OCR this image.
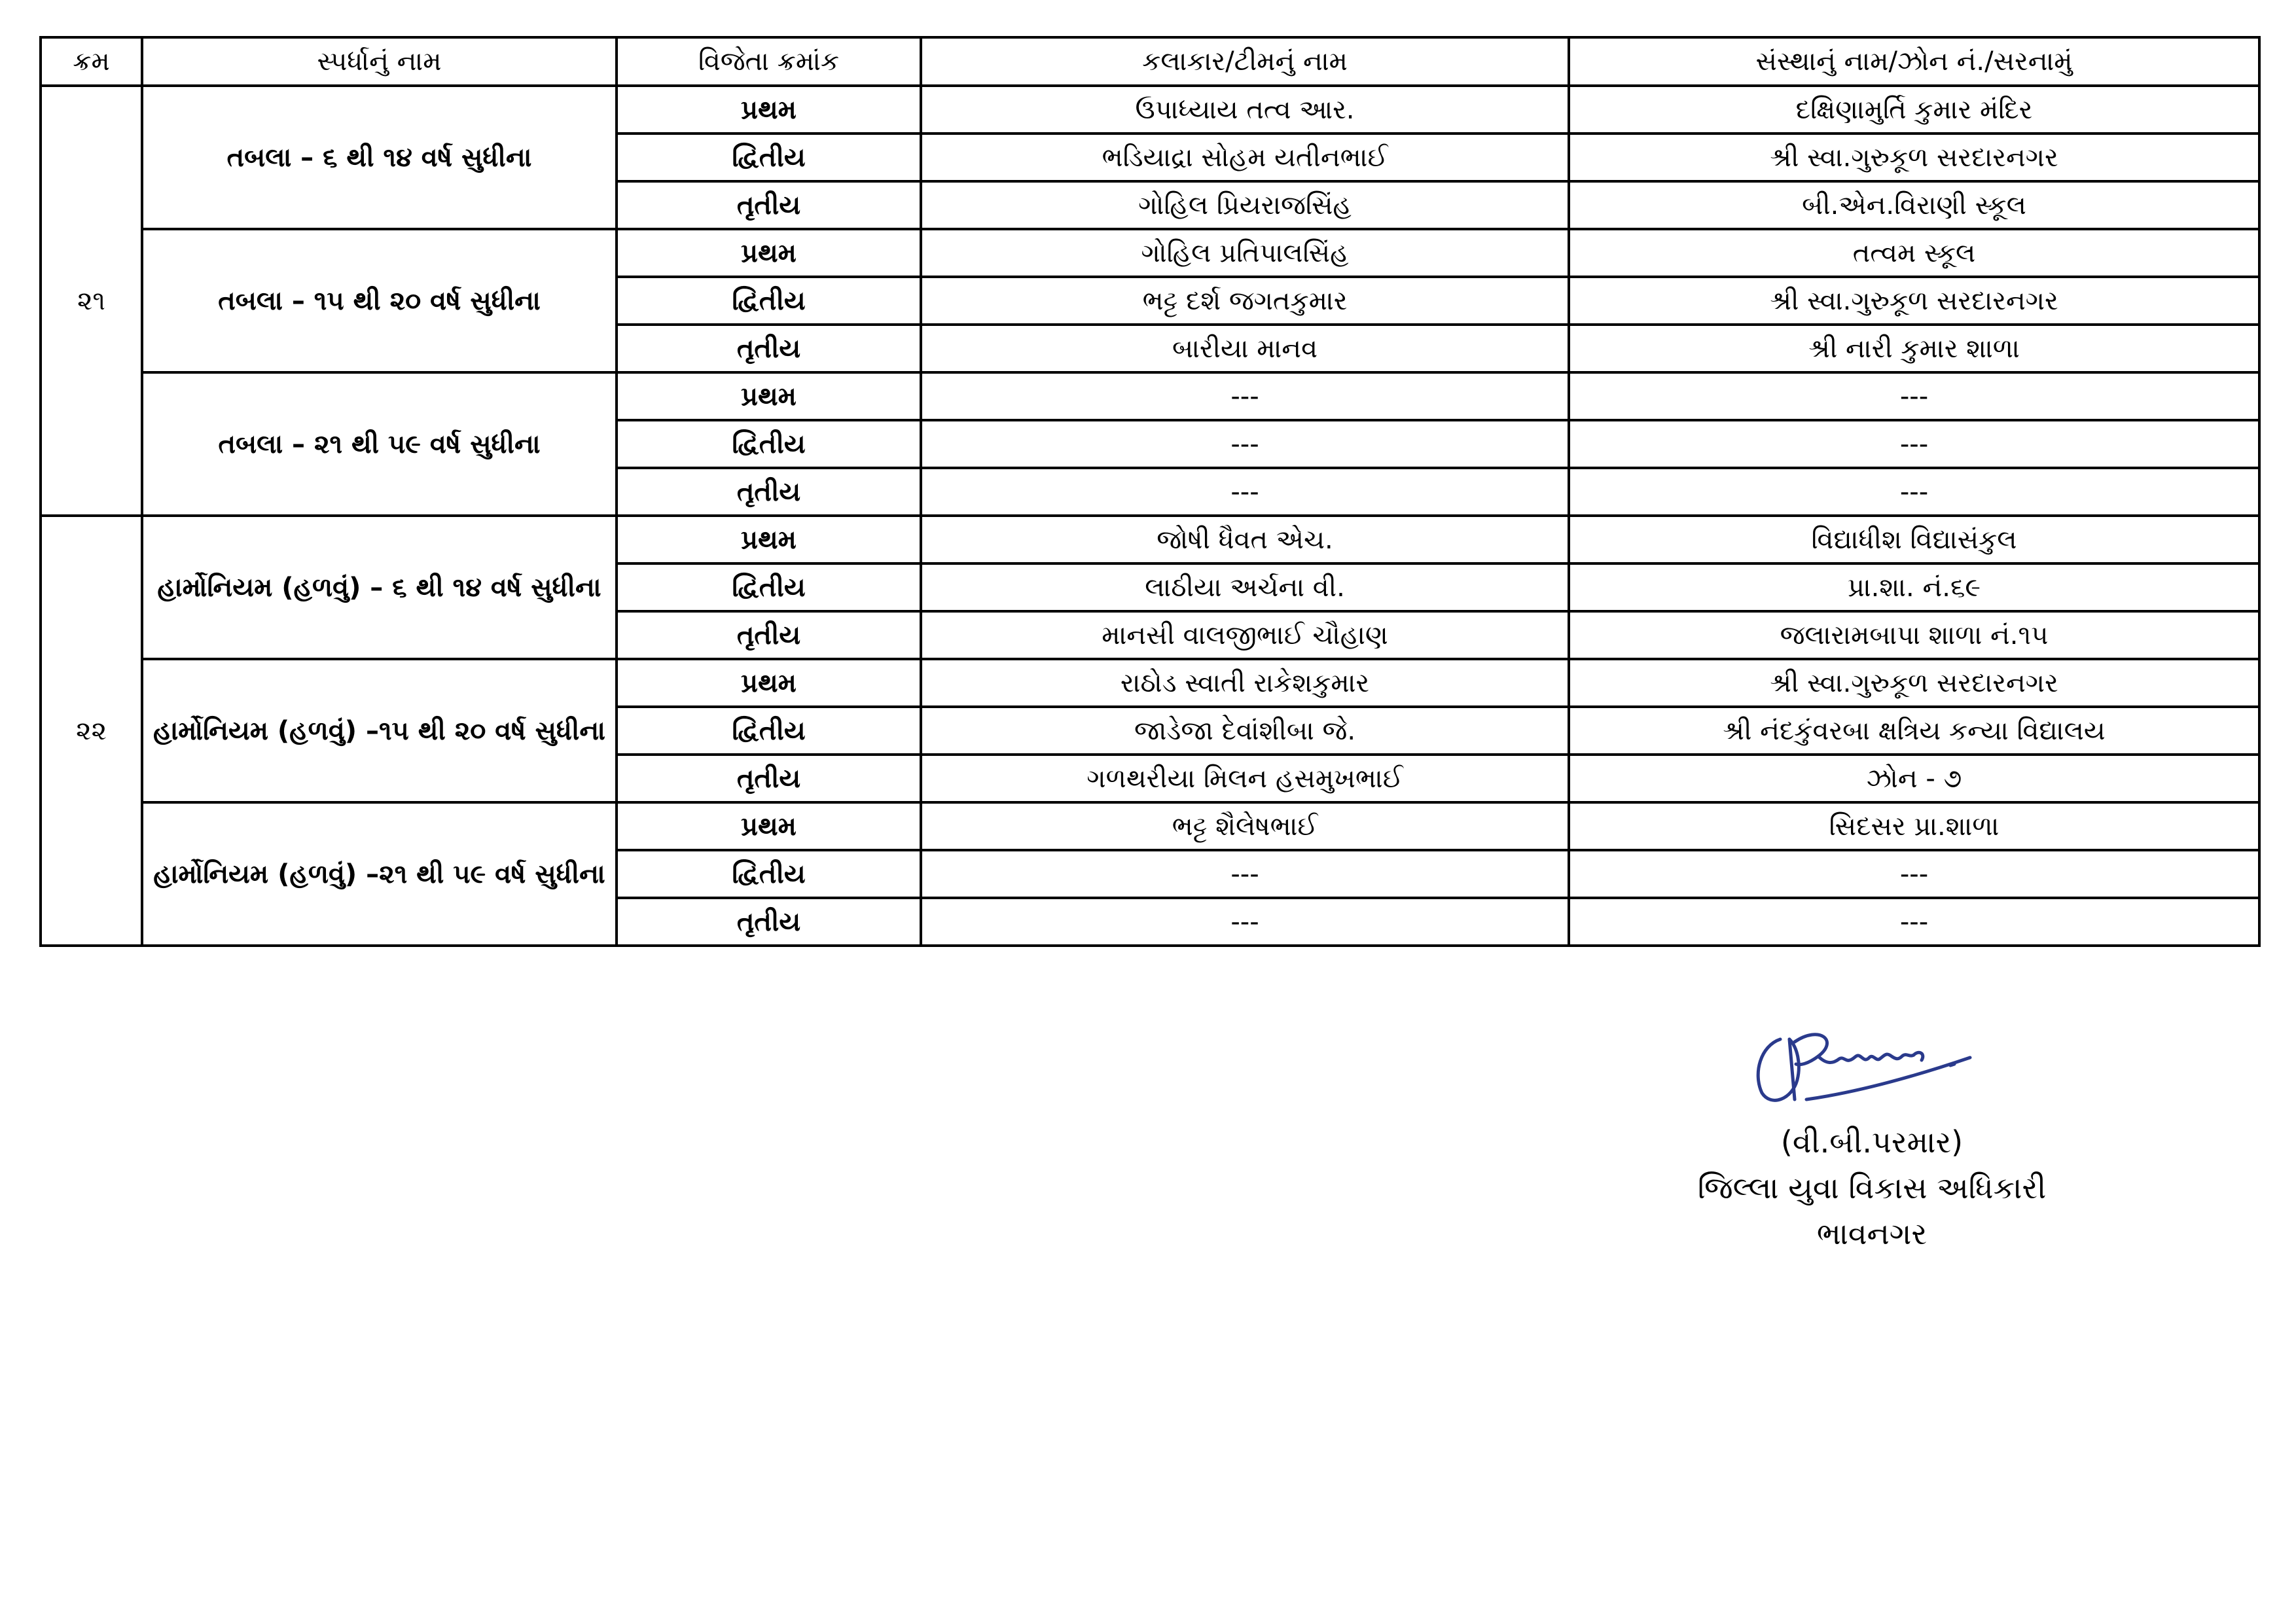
ક્રમ	સ્પર્ધાનું નામ	વિજેતા ક્રમાંક	કલાકાર/ટીમનું નામ	સંસ્થાનું નામ/ઝોન નં./સરનામું
૨૧	તબલા – ૬ થી ૧૪ વર્ષ સુધીના	પ્રથમ	ઉપાધ્યાય તત્વ આર.	દક્ષિણામુર્તિ કુમાર મંદિર
		દ્વિતીય	ભડિયાદ્રા સોહમ યતીનભાઈ	શ્રી સ્વા.ગુરુકૂળ સરદારનગર
		તૃતીય	ગોહિલ પ્રિયરાજસિંહ	બી.એન.વિરાણી સ્કૂલ
	તબલા – ૧૫ થી ૨૦ વર્ષ સુધીના	પ્રથમ	ગોહિલ પ્રતિપાલસિંહ	તત્વમ સ્કૂલ
		દ્વિતીય	ભટ્ટ દર્શ જગતકુમાર	શ્રી સ્વા.ગુરુકૂળ સરદારનગર
		તૃતીય	બારીયા માનવ	શ્રી નારી કુમાર શાળા
	તબલા – ૨૧ થી ૫૯ વર્ષ સુધીના	પ્રથમ	---	---
		દ્વિતીય	---	---
		તૃતીય	---	---
૨૨	હાર્મોનિયમ (હળવું) – ૬ થી ૧૪ વર્ષ સુધીના	પ્રથમ	જોષી ધૈવત એચ.	વિદ્યાધીશ વિદ્યાસંકુલ
		દ્વિતીય	લાઠીયા અર્ચના વી.	પ્રા.શા. નં.૬૯
		તૃતીય	માનસી વાલજીભાઈ ચૌહાણ	જલારામબાપા શાળા નં.૧૫
	હાર્મોનિયમ (હળવું) –૧૫ થી ૨૦ વર્ષ સુધીના	પ્રથમ	રાઠોડ સ્વાતી રાકેશકુમાર	શ્રી સ્વા.ગુરુકૂળ સરદારનગર
		દ્વિતીય	જાડેજા દેવાંશીબા જે.	શ્રી નંદકુંવરબા ક્ષત્રિય કન્યા વિદ્યાલય
		તૃતીય	ગળથરીયા મિલન હસમુખભાઈ	ઝોન - ૭
	હાર્મોનિયમ (હળવું) –૨૧ થી ૫૯ વર્ષ સુધીના	પ્રથમ	ભટ્ટ શૈલેષભાઈ	સિદસર પ્રા.શાળા
		દ્વિતીય	---	---
		તૃતીય	---	---
(વી.બી.પરમાર)
જિલ્લા યુવા વિકાસ અધિકારી
ભાવનગર
